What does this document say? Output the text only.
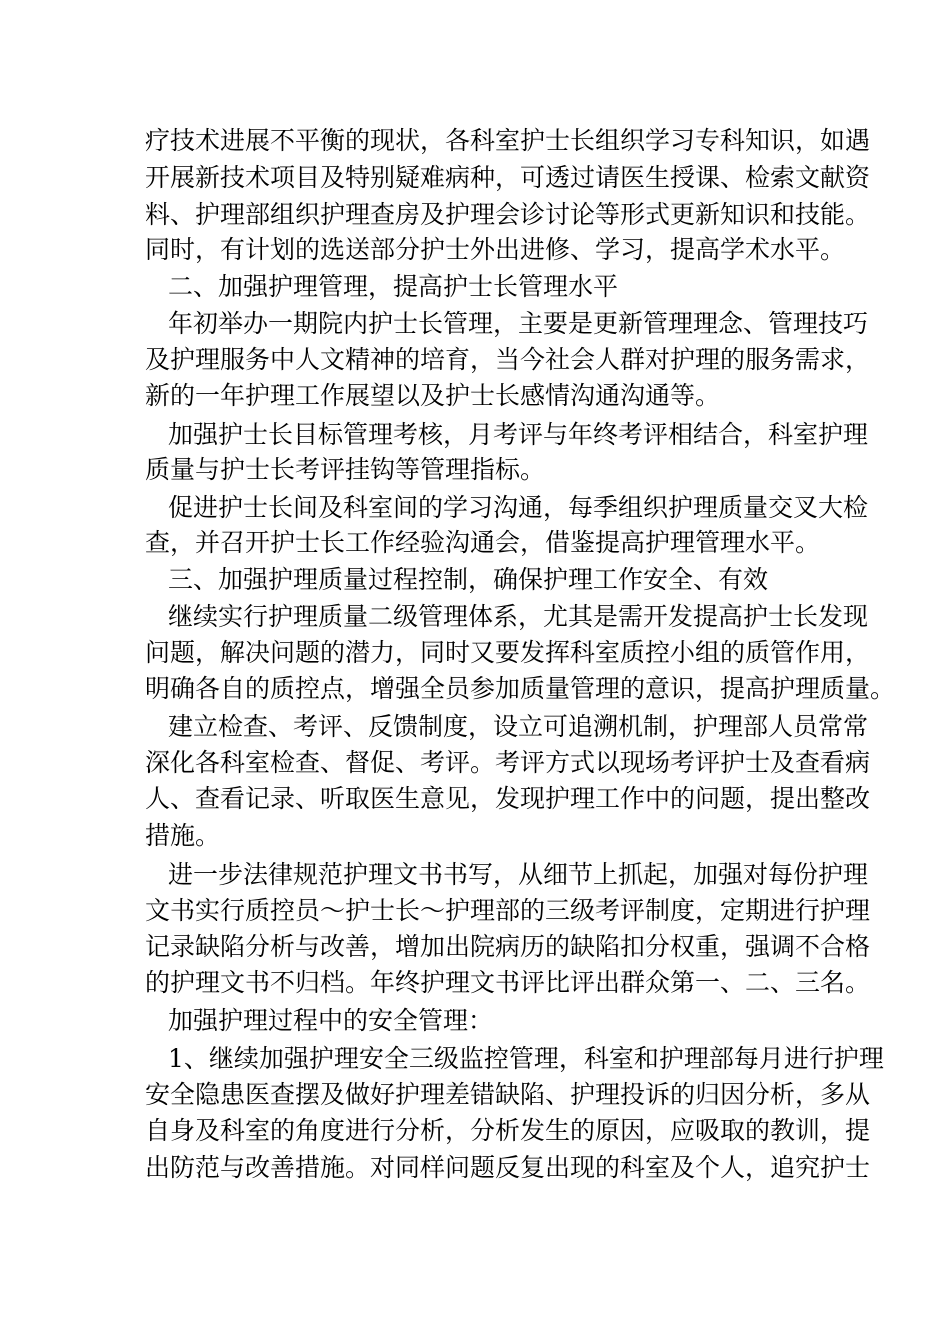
疗技术进展不平衡的现状，各科室护士长组织学习专科知识，如遇
开展新技术项目及特别疑难病种，可透过请医生授课、检索文献资
料、护理部组织护理查房及护理会诊讨论等形式更新知识和技能。
同时，有计划的选送部分护士外出进修、学习，提高学术水平。
二、加强护理管理，提高护士长管理水平
年初举办一期院内护士长管理，主要是更新管理理念、管理技巧
及护理服务中人文精神的培育，当今社会人群对护理的服务需求，
新的一年护理工作展望以及护士长感情沟通沟通等。
加强护士长目标管理考核，月考评与年终考评相结合，科室护理
质量与护士长考评挂钩等管理指标。
促进护士长间及科室间的学习沟通，每季组织护理质量交叉大检
查，并召开护士长工作经验沟通会，借鉴提高护理管理水平。
三、加强护理质量过程控制，确保护理工作安全、有效
继续实行护理质量二级管理体系，尤其是需开发提高护士长发现
问题，解决问题的潜力，同时又要发挥科室质控小组的质管作用，
明确各自的质控点，增强全员参加质量管理的意识，提高护理质量。
建立检查、考评、反馈制度，设立可追溯机制，护理部人员常常
深化各科室检查、督促、考评。考评方式以现场考评护士及查看病
人、查看记录、听取医生意见，发现护理工作中的问题，提出整改
措施。
进一步法律规范护理文书书写，从细节上抓起，加强对每份护理
文书实行质控员～护士长～护理部的三级考评制度，定期进行护理
记录缺陷分析与改善，增加出院病历的缺陷扣分权重，强调不合格
的护理文书不归档。年终护理文书评比评出群众第一、二、三名。
加强护理过程中的安全管理：
1、继续加强护理安全三级监控管理，科室和护理部每月进行护理
安全隐患医查摆及做好护理差错缺陷、护理投诉的归因分析，多从
自身及科室的角度进行分析，分析发生的原因，应吸取的教训，提
出防范与改善措施。对同样问题反复出现的科室及个人，追究护士
